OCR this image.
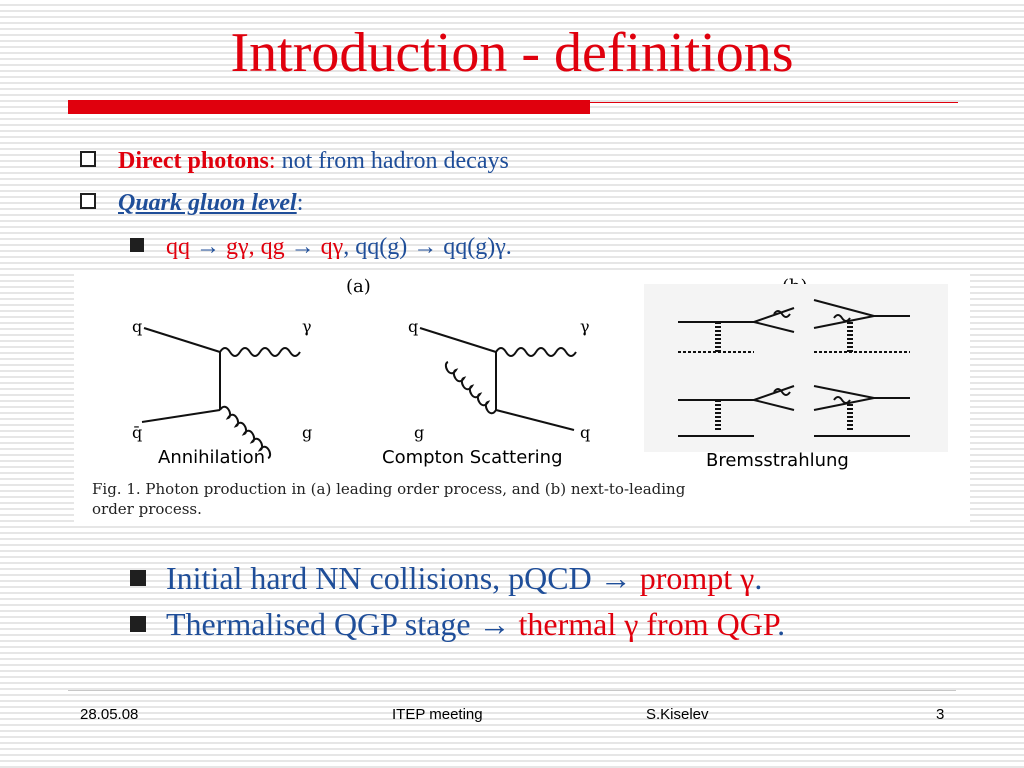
Introduction - definitions
Direct photons: not from hadron decays
Quark gluon level:
qq → gγ, qg → qγ, qq(g) → qq(g)γ.
(a)
q
q̄
γ
g
Annihilation
q
g
γ
q
Compton Scattering	Bremsstrahlung
Fig. 1. Photon production in (a) leading order process, and (b) next-to-leading
order process.
Initial hard NN collisions, pQCD → prompt γ.
Thermalised QGP stage → thermal γ from QGP.
28.05.08	ITEP meeting	S.Kiselev	3
